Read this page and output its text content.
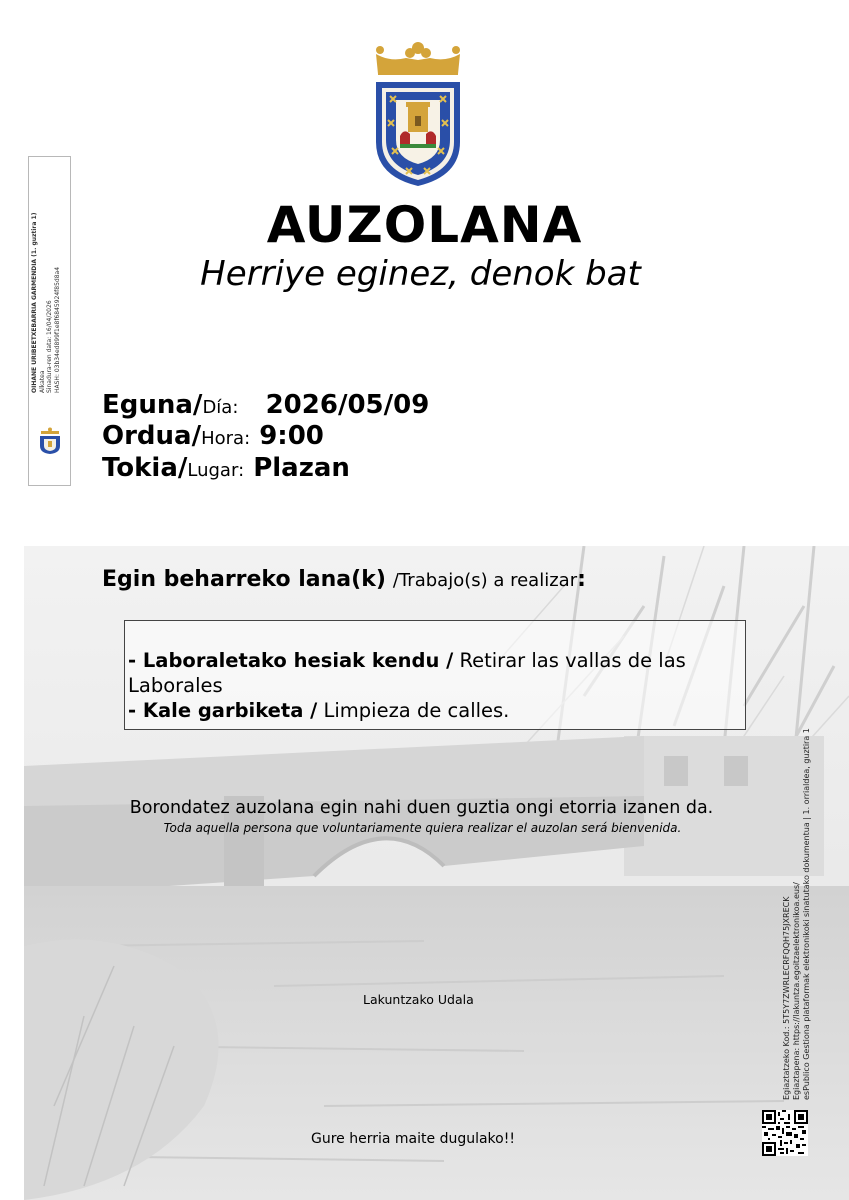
AUZOLANA
Herriye eginez, denok bat
OIHANE URIBEETXEBARRIA GARMENDIA (1. guztira 1) Alkatea Sinadura-ren data: 16/04/2026 HASH: 03b34ed899f1e8f6845924f85d8a4
Eguna/Día: 2026/05/09
Ordua/Hora: 9:00
Tokia/Lugar: Plazan
Egin beharreko lana(k) /Trabajo(s) a realizar:
- Laboraletako hesiak kendu / Retirar las vallas de las Laborales
- Kale garbiketa / Limpieza de calles.
Borondatez auzolana egin nahi duen guztia ongi etorria izanen da.
Toda aquella persona que voluntariamente quiera realizar el auzolan será bienvenida.
Lakuntzako Udala
Gure herria maite dugulako!!
Egiaztatzeko Kod.: 5T5Y7ZWRLECRFQQH75JXRECK Egiaztapena: https://lakuntza.egoitzaelektronikoa.eus/ esPublico Gestiona plataformak elektronikoki sinatutako dokumentua | 1. orrialdea, guztira 1
